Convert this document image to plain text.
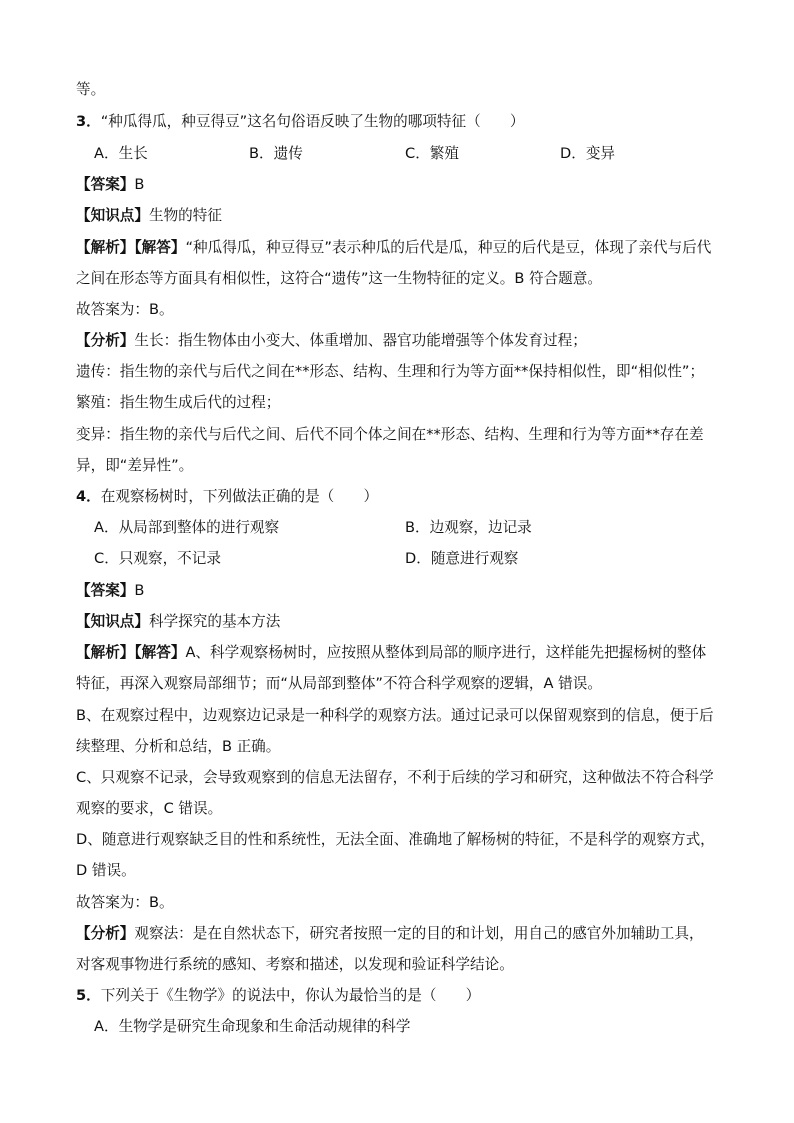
等。
3．“种瓜得瓜，种豆得豆”这名句俗语反映了生物的哪项特征（　　）
A．生长	B．遗传	C．繁殖	D．变异
【答案】B
【知识点】生物的特征
【解析】【解答】“种瓜得瓜，种豆得豆”表示种瓜的后代是瓜，种豆的后代是豆，体现了亲代与后代
之间在形态等方面具有相似性，这符合“遗传”这一生物特征的定义。B 符合题意。
故答案为：B。
【分析】生长：指生物体由小变大、体重增加、器官功能增强等个体发育过程；
遗传：指生物的亲代与后代之间在**形态、结构、生理和行为等方面**保持相似性，即“相似性”；
繁殖：指生物生成后代的过程；
变异：指生物的亲代与后代之间、后代不同个体之间在**形态、结构、生理和行为等方面**存在差
异，即“差异性”。
4．在观察杨树时，下列做法正确的是（　　）
A．从局部到整体的进行观察	B．边观察，边记录
C．只观察，不记录	D．随意进行观察
【答案】B
【知识点】科学探究的基本方法
【解析】【解答】A、科学观察杨树时，应按照从整体到局部的顺序进行，这样能先把握杨树的整体
特征，再深入观察局部细节；而“从局部到整体”不符合科学观察的逻辑，A 错误。
B、在观察过程中，边观察边记录是一种科学的观察方法。通过记录可以保留观察到的信息，便于后
续整理、分析和总结，B 正确。
C、只观察不记录，会导致观察到的信息无法留存，不利于后续的学习和研究，这种做法不符合科学
观察的要求，C 错误。
D、随意进行观察缺乏目的性和系统性，无法全面、准确地了解杨树的特征，不是科学的观察方式，
D 错误。
故答案为：B。
【分析】观察法：是在自然状态下，研究者按照一定的目的和计划，用自己的感官外加辅助工具，
对客观事物进行系统的感知、考察和描述，以发现和验证科学结论。
5．下列关于《生物学》的说法中，你认为最恰当的是（　　）
A．生物学是研究生命现象和生命活动规律的科学
